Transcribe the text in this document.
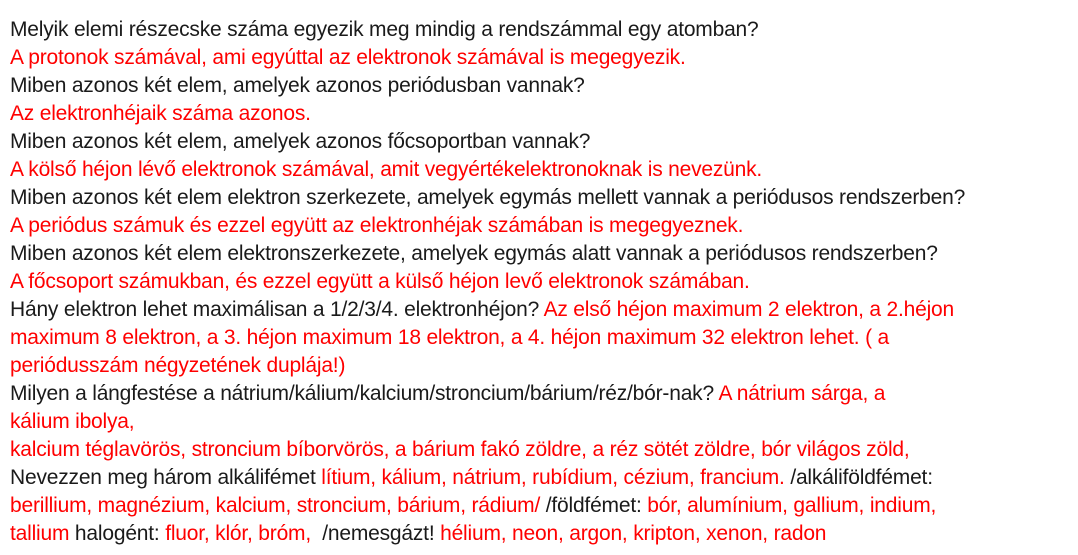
Melyik elemi részecske száma egyezik meg mindig a rendszámmal egy atomban?
A protonok számával, ami egyúttal az elektronok számával is megegyezik.
Miben azonos két elem, amelyek azonos periódusban vannak?
Az elektronhéjaik száma azonos.
Miben azonos két elem, amelyek azonos főcsoportban vannak?
A kölső héjon lévő elektronok számával, amit vegyértékelektronoknak is nevezünk.
Miben azonos két elem elektron szerkezete, amelyek egymás mellett vannak a periódusos rendszerben?
A periódus számuk és ezzel együtt az elektronhéjak számában is megegyeznek.
Miben azonos két elem elektronszerkezete, amelyek egymás alatt vannak a periódusos rendszerben?
A főcsoport számukban, és ezzel együtt a külső héjon levő elektronok számában.
Hány elektron lehet maximálisan a 1/2/3/4. elektronhéjon? Az első héjon maximum 2 elektron, a 2.héjon
maximum 8 elektron, a 3. héjon maximum 18 elektron, a 4. héjon maximum 32 elektron lehet. ( a
periódusszám négyzetének duplája!)
Milyen a lángfestése a nátrium/kálium/kalcium/stroncium/bárium/réz/bór-nak? A nátrium sárga, a
kálium ibolya,
kalcium téglavörös, stroncium bíborvörös, a bárium fakó zöldre, a réz sötét zöldre, bór világos zöld,
Nevezzen meg három alkálifémet lítium, kálium, nátrium, rubídium, cézium, francium. /alkáliföldfémet:
berillium, magnézium, kalcium, stroncium, bárium, rádium/ /földfémet: bór, alumínium, gallium, indium,
tallium halogént: fluor, klór, bróm,  /nemesgázt! hélium, neon, argon, kripton, xenon, radon
